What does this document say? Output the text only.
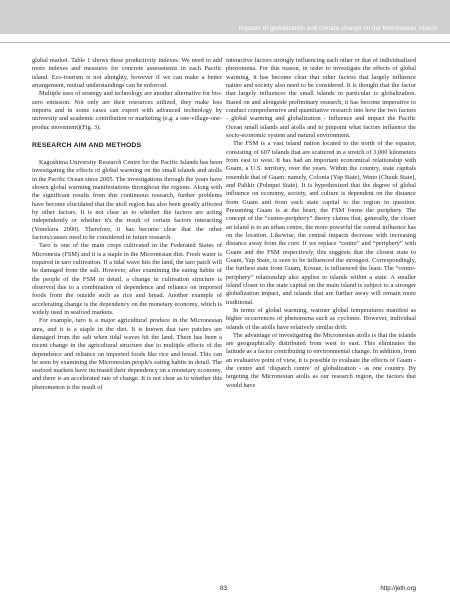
Impacts of globalization and climate change on the Micronesian islands

global market. Table 1 shows these productivity indexes. We need to add more indexes and measures for concrete assessments in each Pacific island. Eco-tourism is not almighty, however if we can make a better arrangement, mutual understandings can be enforced.

Multiple uses of strategy and technology are another alternative for bio-zero emission. Not only are their resources utilized, they make less imports and in some cases can export with advanced technology by university and academic contribution or marketing (e.g. a one-village-one-produc movement)(Fig. 3).

RESEARCH AIM AND METHODS

Kagoshima University Research Centre for the Pacific Islands has been investigating the effects of global warming on the small islands and atolls in the Pacific Ocean since 2005. The investigations through the years have shown global warming manifestations throughout the regions. Along with the significant results from this continuous research, further problems have become elucidated that the atoll region has also been greatly affected by other factors. It is not clear as to whether the factors are acting independently or whether it's the result of certain factors interacting (Yonekura 2000). Therefore, it has become clear that the other factors/causes need to be considered in future research.

Taro is one of the main crops cultivated in the Federated States of Micronesia (FSM) and it is a staple in the Micronesian diet. Fresh water is required in taro cultivation. If a tidal wave hits the land, the taro patch will be damaged from the salt. However, after examining the eating habits of the people of the FSM in detail, a change in cultivation structure is observed due to a combination of dependence and reliance on imported foods from the outside such as rice and bread. Another example of accelerating change is the dependency on the monetary economy, which is widely used in seafood markets.

For example, taro is a major agricultural produce in the Micronesian area, and it is a staple in the diet. It is known that taro patches are damaged from the salt when tidal waves hit the land. There has been a recent change in the agricultural structure due to multiple effects of the dependence and reliance on imported foods like rice and bread. This can be seen by examining the Micronesian people's eating habits in detail. The seafood markets have increased their dependency on a monetary economy, and there is an accelerated rate of change. It is not clear as to whether this phenomenon is the result of

interactive factors strongly influencing each other or that of individualized phenomena. For this reason, in order to investigate the effects of global warming, it has become clear that other factors that largely influence nature and society also need to be considered. It is thought that the factor that largely influences the small islands in particular is globalization. Based on and alongside preliminary research, it has become imperative to conduct comprehensive and quantitative research into how the two factors - global warming and globalization - influence and impact the Pacific Ocean small islands and atolls and to pinpoint what factors influence the socio-economic system and natural environment.

The FSM is a vast island nation located to the north of the equator, consisting of 607 islands that are scattered in a stretch of 3,000 kilometers from east to west. It has had an important economical relationship with Guam, a U.S. territory, over the years. Within the country, state capitals resemble that of Guam: namely, Colonia (Yap State), Weno (Chuuk State), and Palikir (Pohnpei State). It is hypothesized that the degree of global influence on economy, society, and culture is dependent on the distance from Guam and from each state capital to the region in question. Presuming Guam is at the heart, the FSM forms the periphery. The concept of the “centre-periphery” theory claims that, generally, the closer an island is to an urban centre, the more powerful the central influence has on the location. Likewise, the central impacts decrease with increasing distance away from the core. If we replace “centre” and “periphery” with Guam and the FSM respectively, this suggests that the closest state to Guam, Yap State, is seen to be influenced the strongest. Correspondingly, the furthest state from Guam, Kosrae, is influenced the least. The “centre-periphery” relationship also applies to islands within a state. A smaller island closer to the state capital on the main island is subject to a stronger globalization impact, and islands that are further away will remain more traditional.

In terms of global warming, warmer global temperatures manifest as higher occurrences of phenomena such as cyclones. However, individual islands of the atolls have relatively similar drift.

The advantage of investigating the Micronesian atolls is that the islands are geographically distributed from west to east. This eliminates the latitude as a factor contributing to environmental change. In addition, from an evaluative point of view, it is possible to evaluate the effects of Guam - the centre and ‘dispatch centre’ of globalization - as one country. By targeting the Micronesian atolls as our research region, the factors that would have

83	http://jeth.org
